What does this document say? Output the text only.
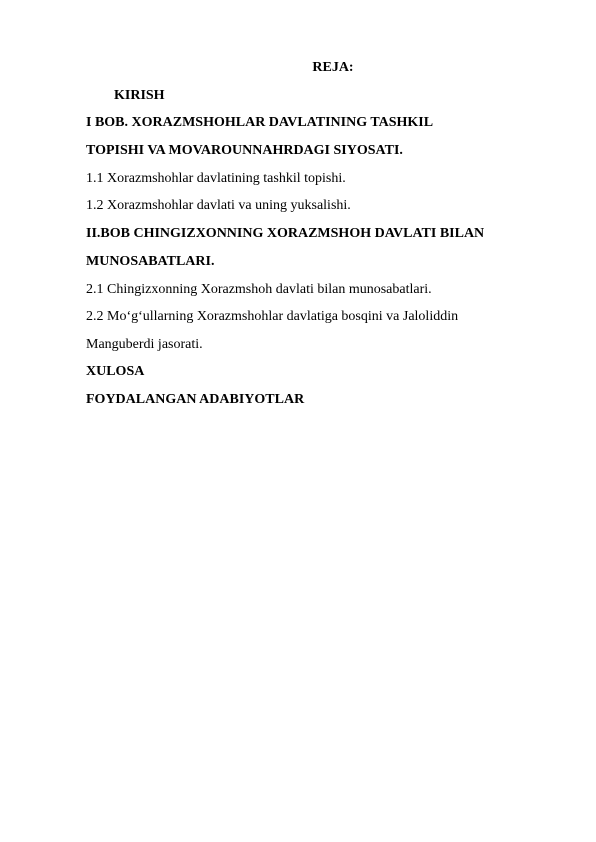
REJA:
KIRISH
I BOB. XORAZMSHOHLAR DAVLATINING TASHKIL
TOPISHI VA MOVAROUNNAHRDAGI SIYOSATI.
1.1 Xorazmshohlar davlatining tashkil topishi.
1.2 Xorazmshohlar davlati va uning yuksalishi.
II.BOB CHINGIZXONNING XORAZMSHOH DAVLATI BILAN
MUNOSABATLARI.
2.1 Chingizxonning Xorazmshoh davlati bilan munosabatlari.
2.2 Mo‘g‘ullarning Xorazmshohlar davlatiga bosqini va Jaloliddin
Manguberdi jasorati.
XULOSA
FOYDALANGAN ADABIYOTLAR
